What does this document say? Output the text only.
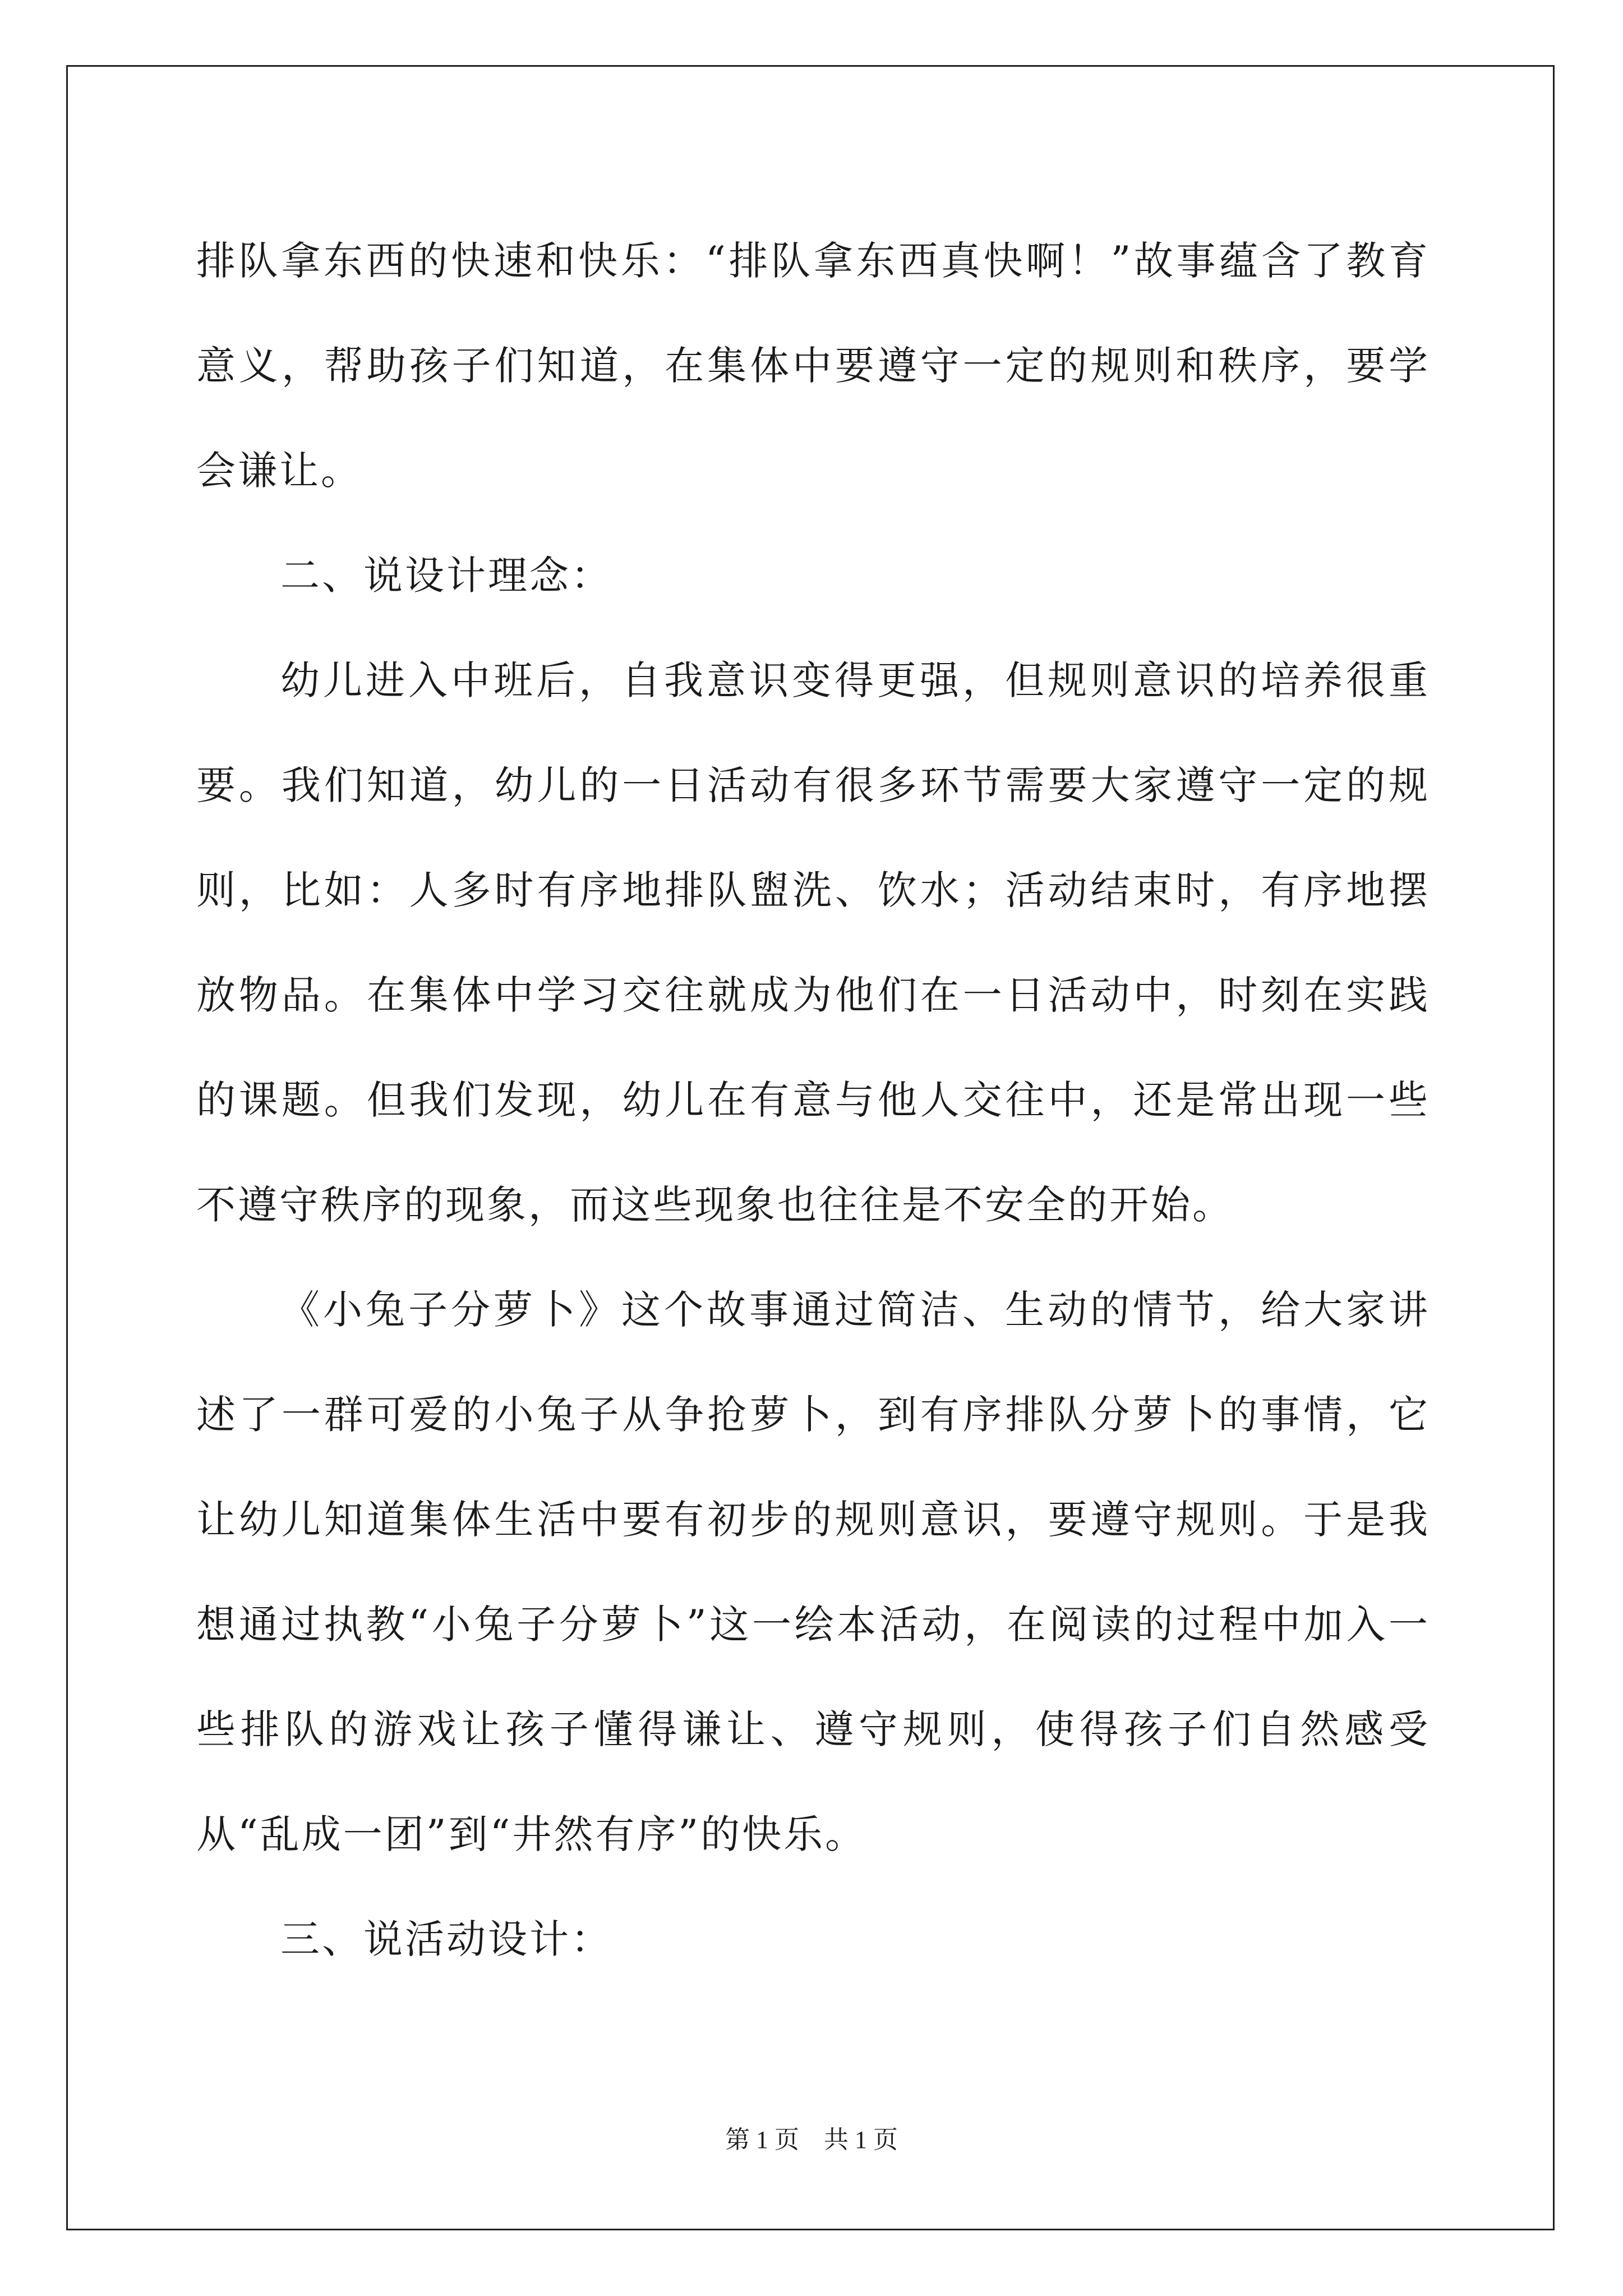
排队拿东西的快速和快乐：“排队拿东西真快啊！”故事蕴含了教育意义，帮助孩子们知道，在集体中要遵守一定的规则和秩序，要学会谦让。

二、说设计理念：

幼儿进入中班后，自我意识变得更强，但规则意识的培养很重要。我们知道，幼儿的一日活动有很多环节需要大家遵守一定的规则，比如：人多时有序地排队盥洗、饮水；活动结束时，有序地摆放物品。在集体中学习交往就成为他们在一日活动中，时刻在实践的课题。但我们发现，幼儿在有意与他人交往中，还是常出现一些不遵守秩序的现象，而这些现象也往往是不安全的开始。

《小兔子分萝卜》这个故事通过简洁、生动的情节，给大家讲述了一群可爱的小兔子从争抢萝卜，到有序排队分萝卜的事情，它让幼儿知道集体生活中要有初步的规则意识，要遵守规则。于是我想通过执教“小兔子分萝卜”这一绘本活动，在阅读的过程中加入一些排队的游戏让孩子懂得谦让、遵守规则，使得孩子们自然感受从“乱成一团”到“井然有序”的快乐。

三、说活动设计：

第 1 页　共 1 页
